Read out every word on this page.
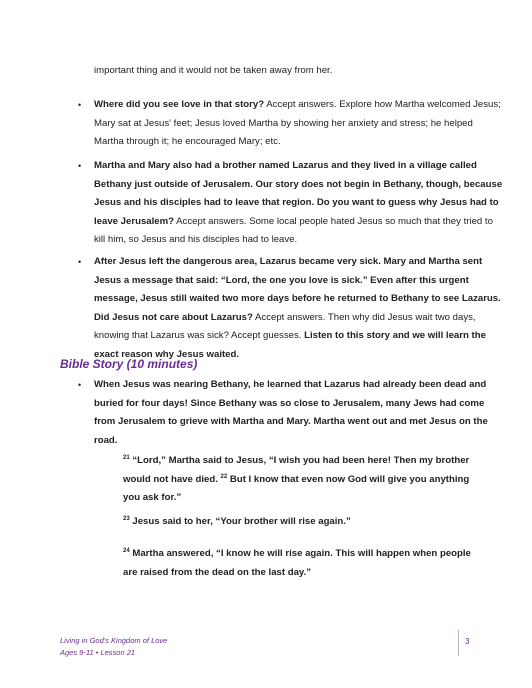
important thing and it would not be taken away from her.
• Where did you see love in that story? Accept answers. Explore how Martha welcomed Jesus; Mary sat at Jesus' feet; Jesus loved Martha by showing her anxiety and stress; he helped Martha through it; he encouraged Mary; etc.
• Martha and Mary also had a brother named Lazarus and they lived in a village called Bethany just outside of Jerusalem. Our story does not begin in Bethany, though, because Jesus and his disciples had to leave that region. Do you want to guess why Jesus had to leave Jerusalem? Accept answers. Some local people hated Jesus so much that they tried to kill him, so Jesus and his disciples had to leave.
• After Jesus left the dangerous area, Lazarus became very sick. Mary and Martha sent Jesus a message that said: “Lord, the one you love is sick.” Even after this urgent message, Jesus still waited two more days before he returned to Bethany to see Lazarus. Did Jesus not care about Lazarus? Accept answers. Then why did Jesus wait two days, knowing that Lazarus was sick? Accept guesses. Listen to this story and we will learn the exact reason why Jesus waited.
Bible Story (10 minutes)
• When Jesus was nearing Bethany, he learned that Lazarus had already been dead and buried for four days! Since Bethany was so close to Jerusalem, many Jews had come from Jerusalem to grieve with Martha and Mary. Martha went out and met Jesus on the road.
$^{21}$ “Lord,” Martha said to Jesus, “I wish you had been here! Then my brother would not have died. $^{22}$ But I know that even now God will give you anything you ask for.”
$^{23}$ Jesus said to her, “Your brother will rise again.”
$^{24}$ Martha answered, “I know he will rise again. This will happen when people are raised from the dead on the last day.”
Living in God's Kingdom of Love
Ages 9-11 • Lesson 21
3
